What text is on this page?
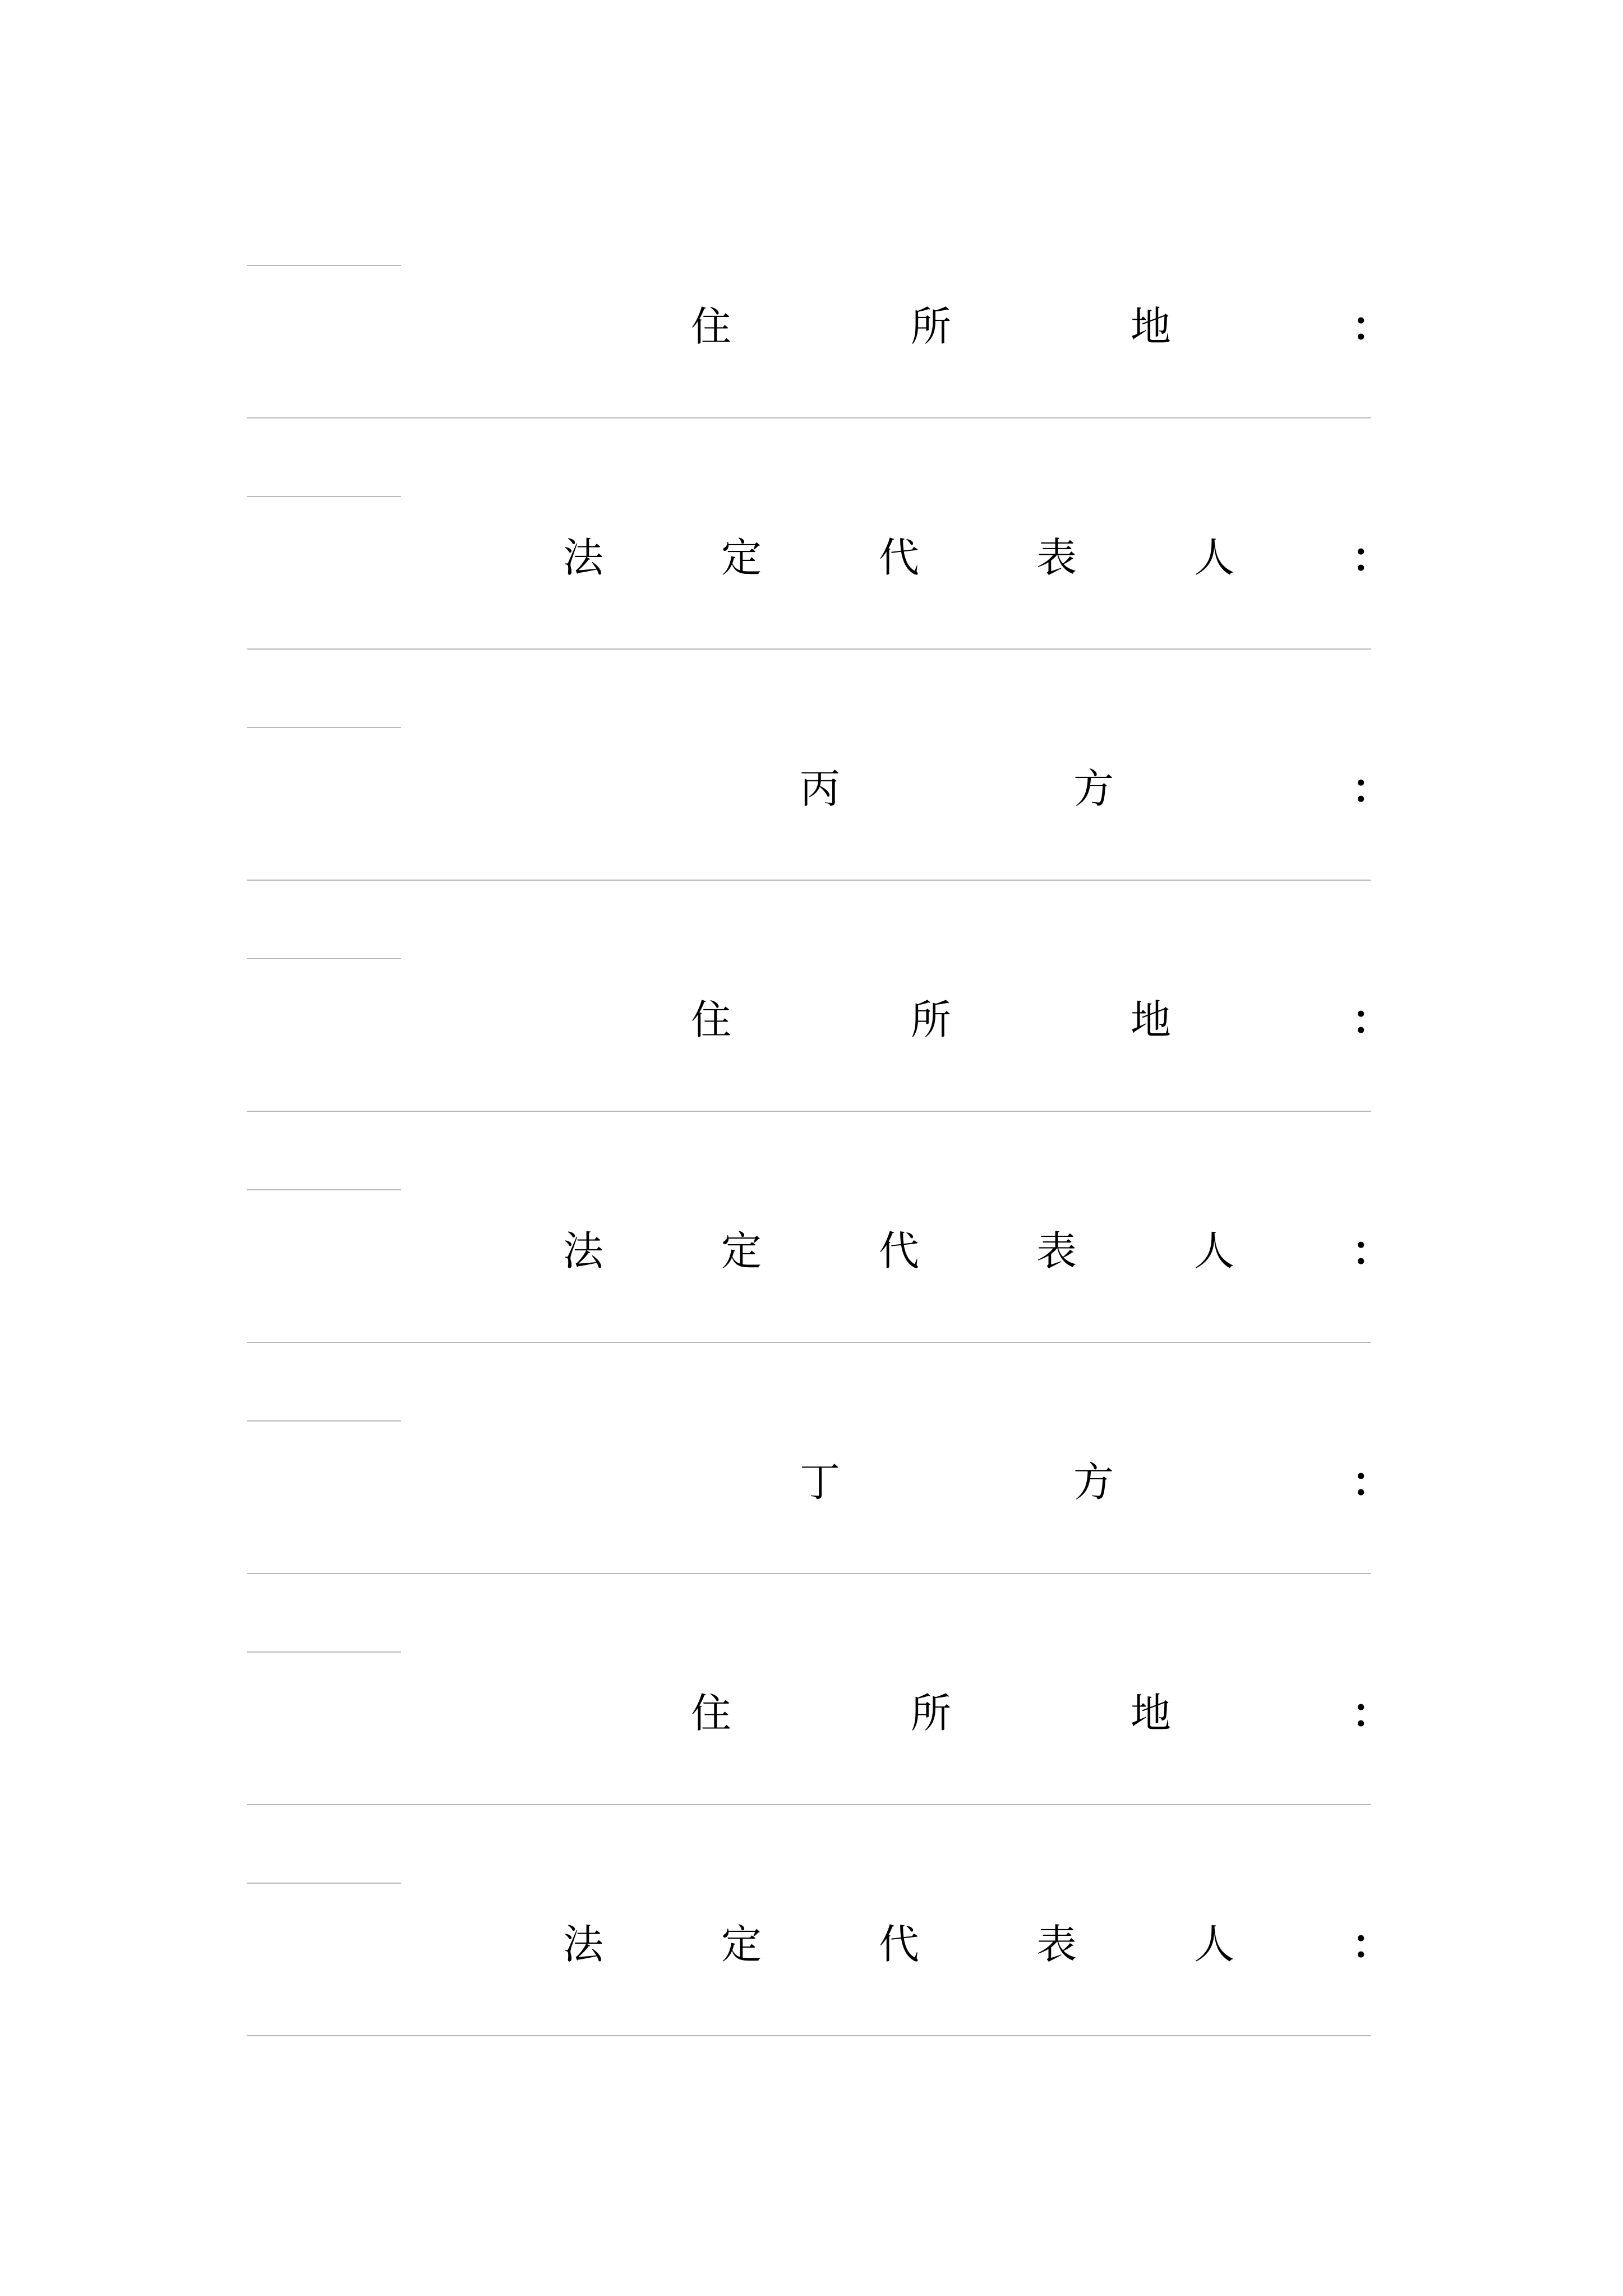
住	所	地	：
法	定	代	表	人	：
丙	方	：
住	所	地	：
法	定	代	表	人	：
丁	方	：
住	所	地	：
法	定	代	表	人	：
